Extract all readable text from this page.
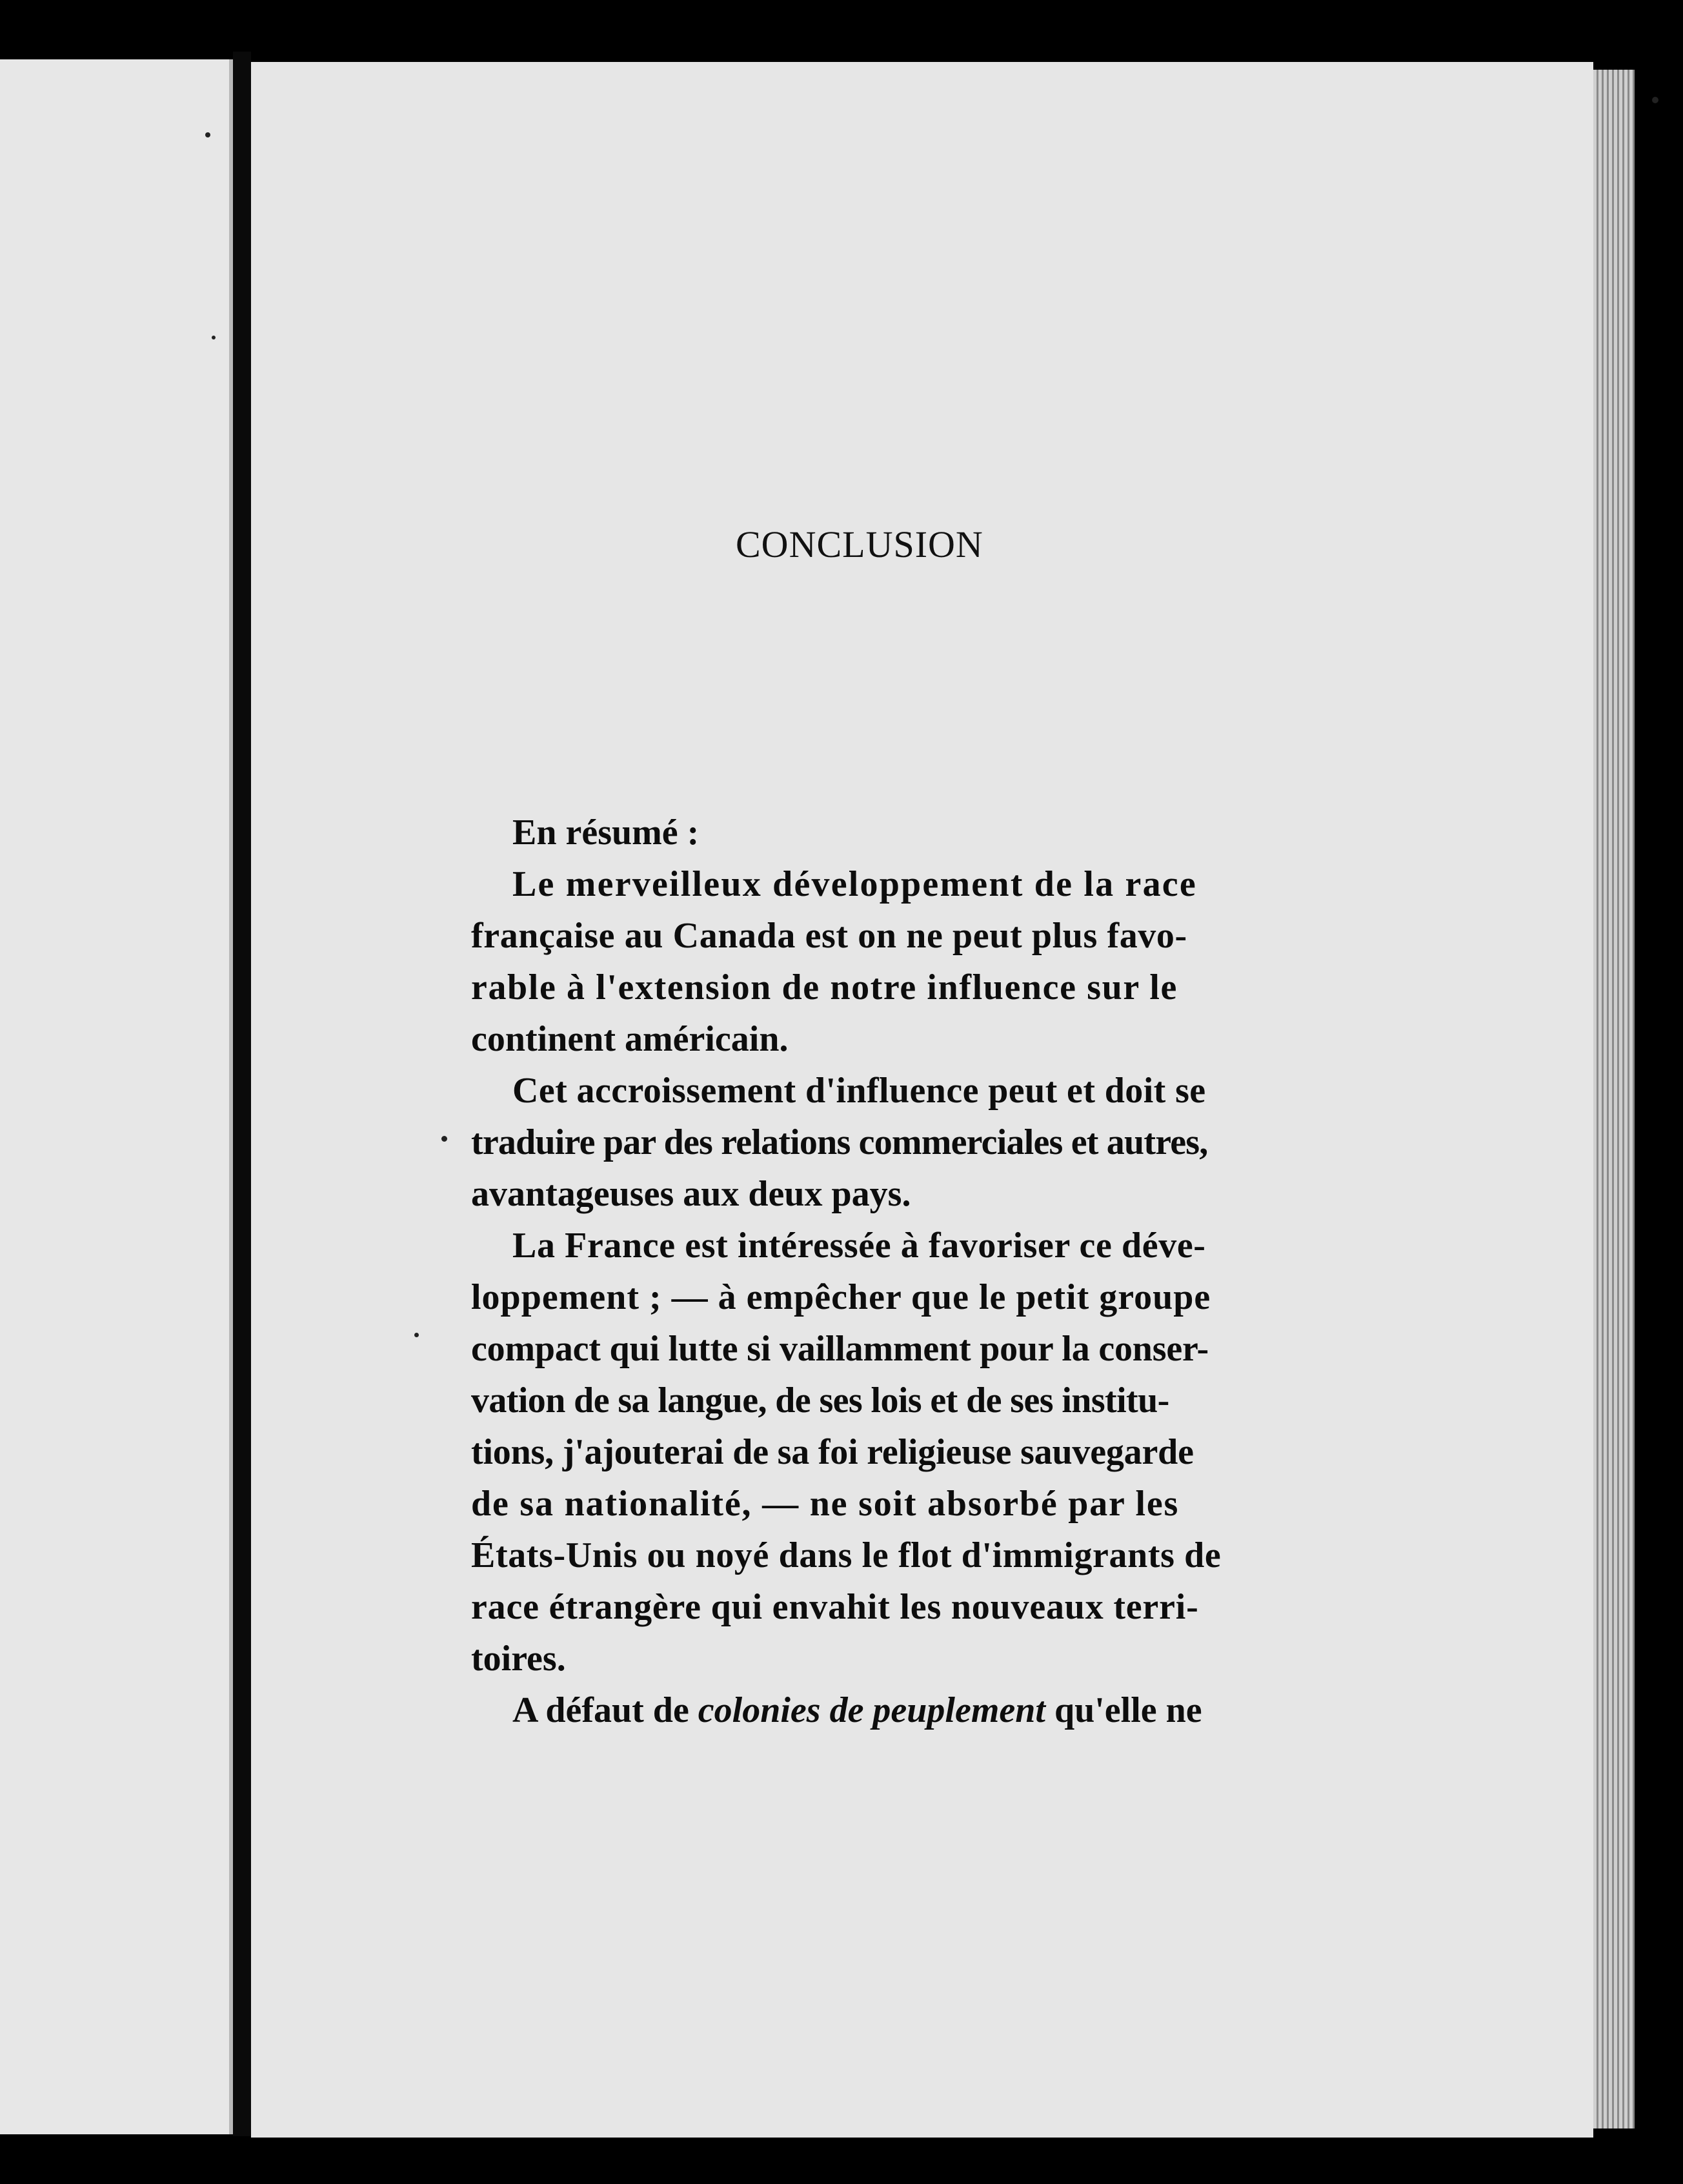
CONCLUSION
En résumé :
Le merveilleux développement de la race
française au Canada est on ne peut plus favo-
rable à l'extension de notre influence sur le
continent américain.
Cet accroissement d'influence peut et doit se
traduire par des relations commerciales et autres,
avantageuses aux deux pays.
La France est intéressée à favoriser ce déve-
loppement ; — à empêcher que le petit groupe
compact qui lutte si vaillamment pour la conser-
vation de sa langue, de ses lois et de ses institu-
tions, j'ajouterai de sa foi religieuse sauvegarde
de sa nationalité, — ne soit absorbé par les
États-Unis ou noyé dans le flot d'immigrants de
race étrangère qui envahit les nouveaux terri-
toires.
A défaut de colonies de peuplement qu'elle ne
